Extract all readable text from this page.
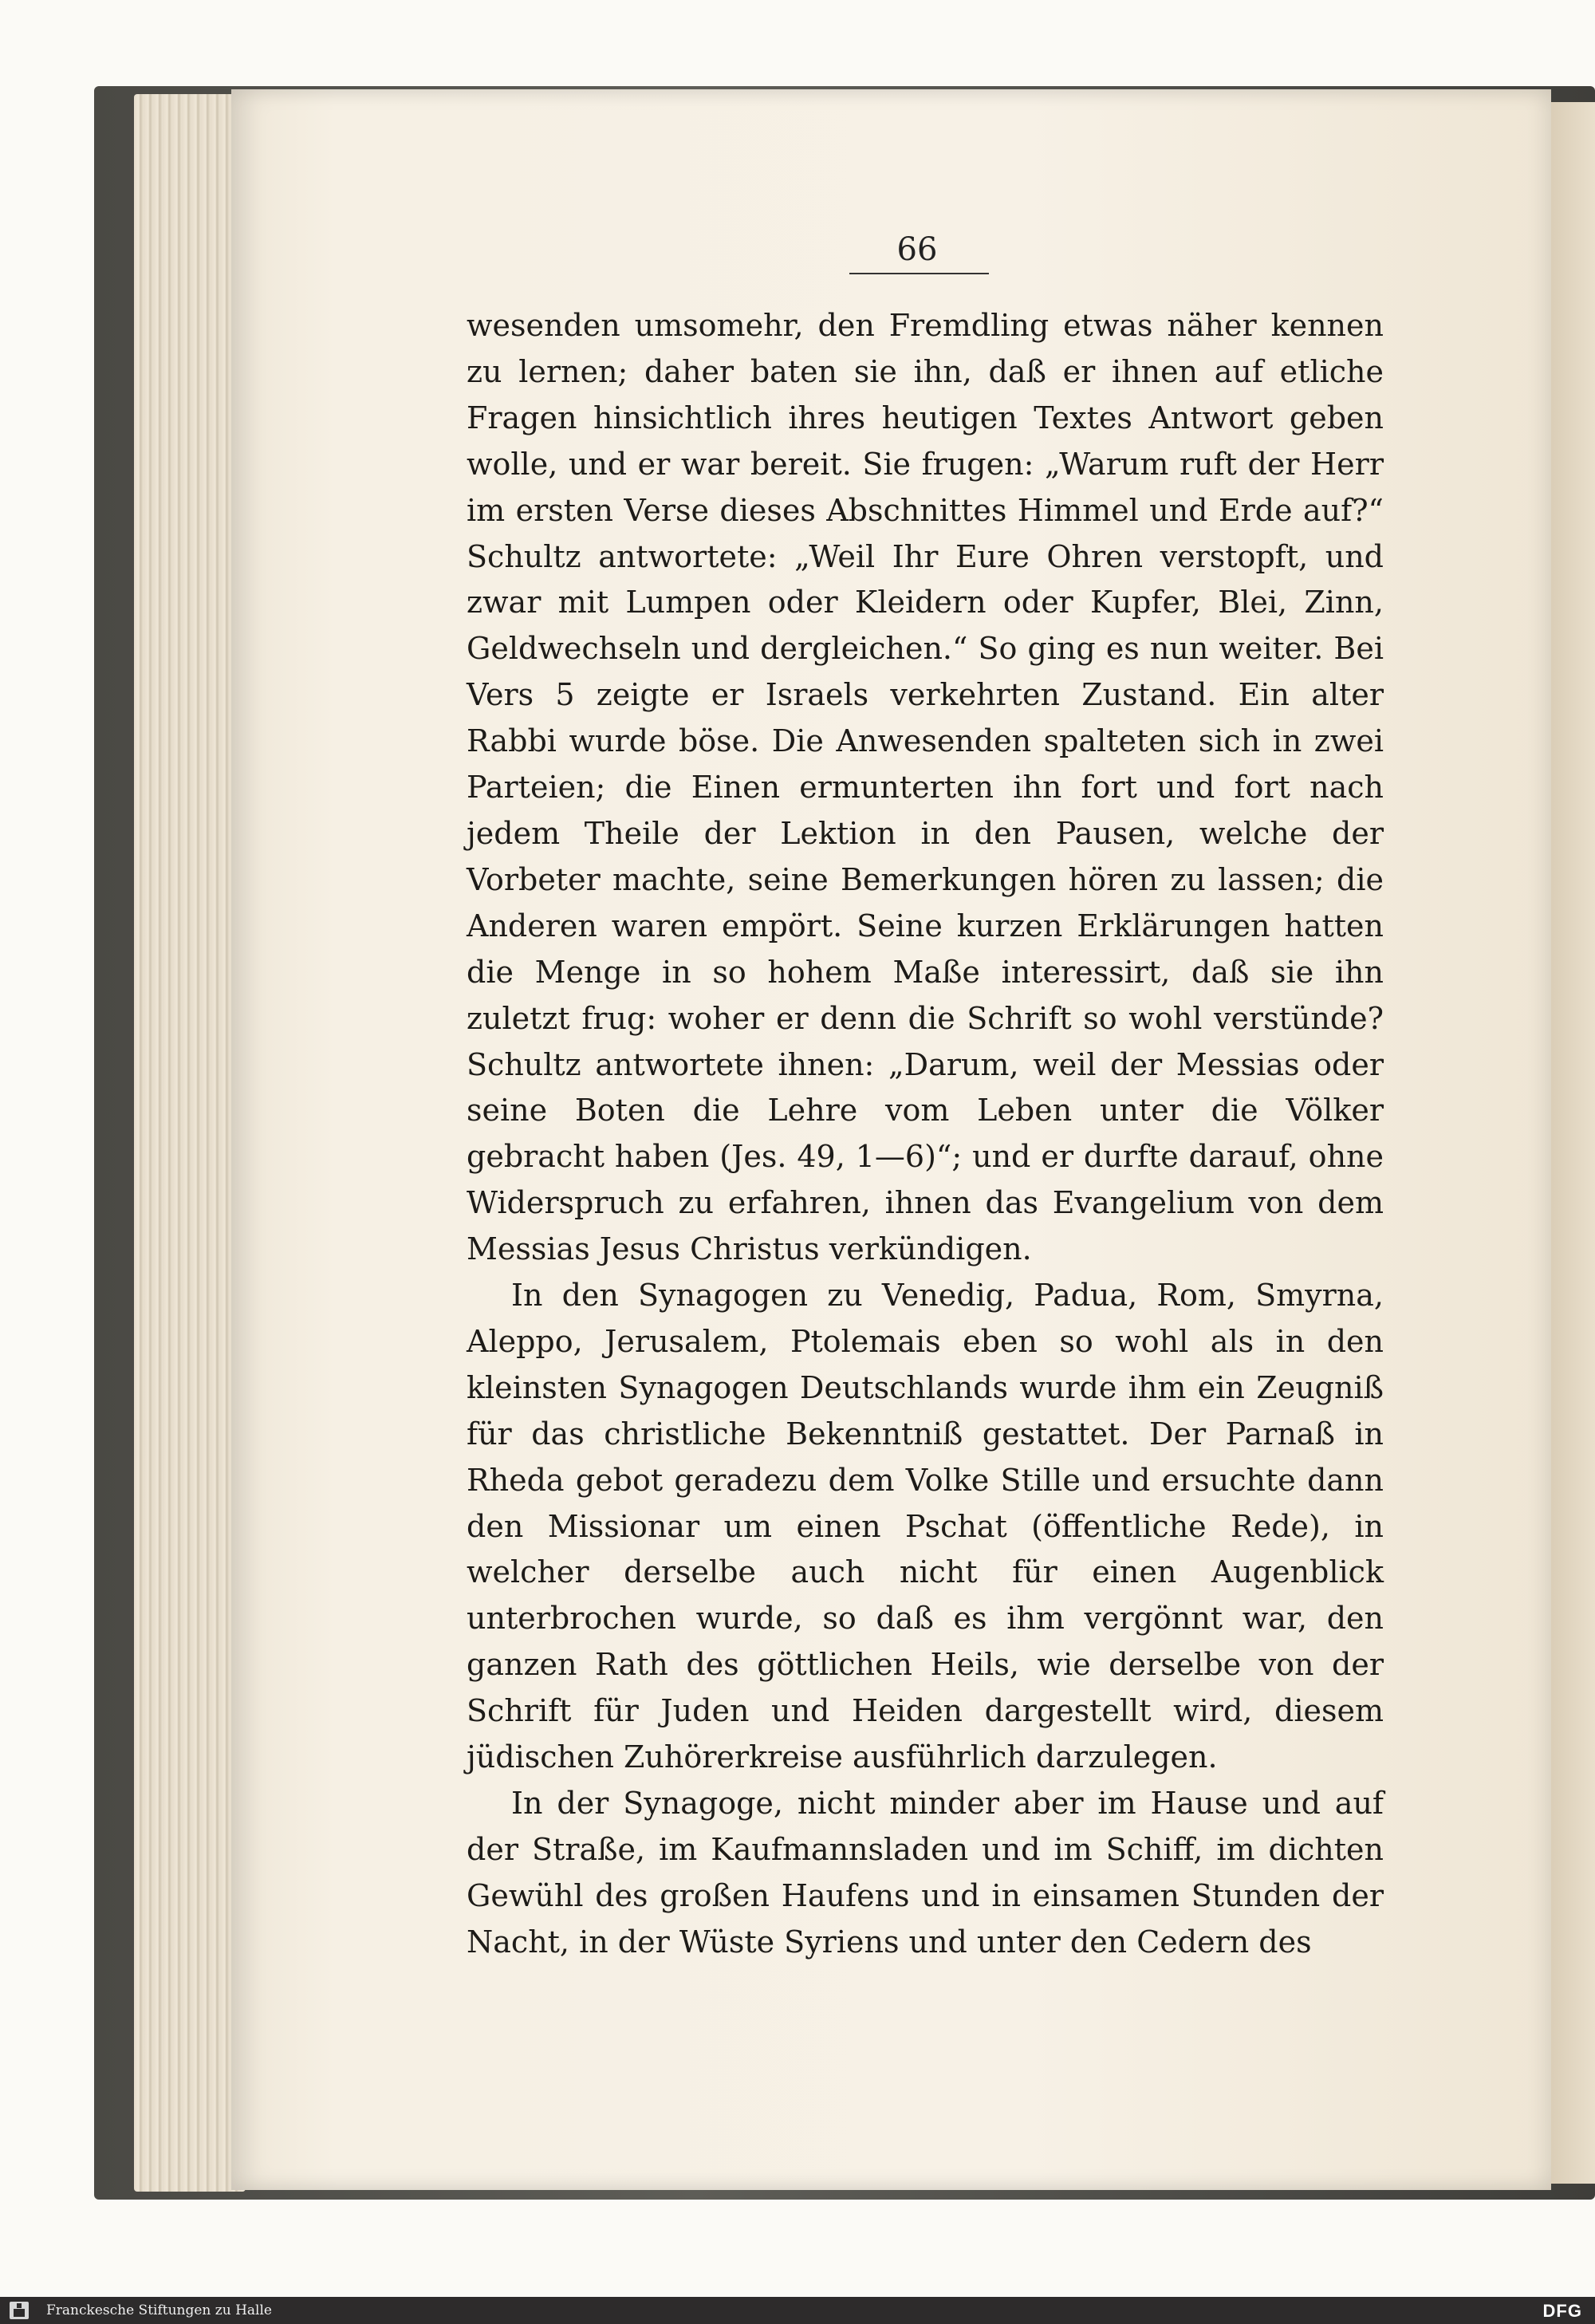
66

wesenden umsomehr, den Fremdling etwas näher kennen zu lernen; daher baten sie ihn, daß er ihnen auf etliche Fragen hinsichtlich ihres heutigen Textes Antwort geben wolle, und er war bereit. Sie frugen: „Warum ruft der Herr im ersten Verse dieses Abschnittes Himmel und Erde auf?“ Schultz antwortete: „Weil Ihr Eure Ohren verstopft, und zwar mit Lumpen oder Kleidern oder Kupfer, Blei, Zinn, Geldwechseln und dergleichen.“ So ging es nun weiter. Bei Vers 5 zeigte er Israels verkehrten Zustand. Ein alter Rabbi wurde böse. Die Anwesenden spalteten sich in zwei Parteien; die Einen ermunterten ihn fort und fort nach jedem Theile der Lektion in den Pausen, welche der Vorbeter machte, seine Bemerkungen hören zu lassen; die Anderen waren empört. Seine kurzen Erklärungen hatten die Menge in so hohem Maße interessirt, daß sie ihn zuletzt frug: woher er denn die Schrift so wohl verstünde? Schultz antwortete ihnen: „Darum, weil der Messias oder seine Boten die Lehre vom Leben unter die Völker gebracht haben (Jes. 49, 1—6)“; und er durfte darauf, ohne Widerspruch zu erfahren, ihnen das Evangelium von dem Messias Jesus Christus verkündigen.

In den Synagogen zu Venedig, Padua, Rom, Smyrna, Aleppo, Jerusalem, Ptolemais eben so wohl als in den kleinsten Synagogen Deutschlands wurde ihm ein Zeugniß für das christliche Bekenntniß gestattet. Der Parnaß in Rheda gebot geradezu dem Volke Stille und ersuchte dann den Missionar um einen Pschat (öffentliche Rede), in welcher derselbe auch nicht für einen Augenblick unterbrochen wurde, so daß es ihm vergönnt war, den ganzen Rath des göttlichen Heils, wie derselbe von der Schrift für Juden und Heiden dargestellt wird, diesem jüdischen Zuhörerkreise ausführlich darzulegen.

In der Synagoge, nicht minder aber im Hause und auf der Straße, im Kaufmannsladen und im Schiff, im dichten Gewühl des großen Haufens und in einsamen Stunden der Nacht, in der Wüste Syriens und unter den Cedern des

Franckesche Stiftungen zu Halle	DFG
